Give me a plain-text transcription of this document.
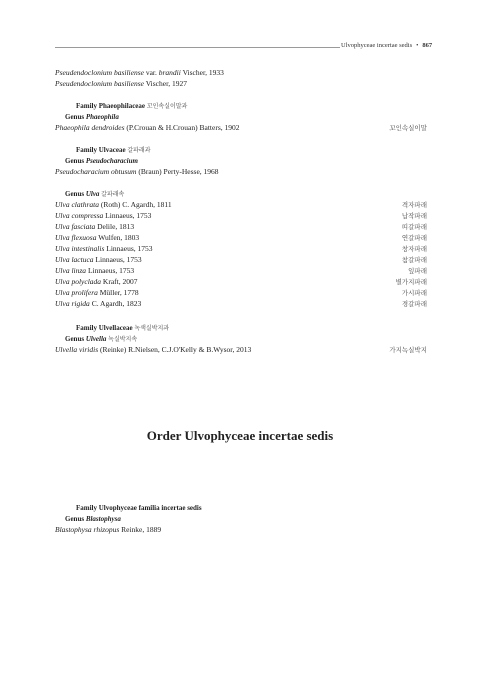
Ulvophyceae incertae sedis • 867
Pseudendoclonium basiliense var. brandii Vischer, 1933
Pseudendoclonium basiliense Vischer, 1927
Family Phaeophilaceae 꼬인속실이말과
Genus Phaeophila
Phaeophila dendroides (P.Crouan & H.Crouan) Batters, 1902	꼬인속실이말
Family Ulvaceae 갈파래과
Genus Pseudocharacium
Pseudocharacium obtusum (Braun) Perty-Hesse, 1968
Genus Ulva 갈파래속
Ulva clathrata (Roth) C. Agardh, 1811	격자파래
Ulva compressa Linnaeus, 1753	납작파래
Ulva fasciata Delile, 1813	띠갈파래
Ulva flexuosa Wulfen, 1803	연갈파래
Ulva intestinalis Linnaeus, 1753	창자파래
Ulva lactuca Linnaeus, 1753	참갈파래
Ulva linza Linnaeus, 1753	잎파래
Ulva polyclada Kraft, 2007	별가지파래
Ulva prolifera Müller, 1778	가시파래
Ulva rigida C. Agardh, 1823	경갈파래
Family Ulvellaceae 녹색실박지과
Genus Ulvella 녹실박지속
Ulvella viridis (Reinke) R.Nielsen, C.J.O'Kelly & B.Wysor, 2013	가지녹실박지
Order Ulvophyceae incertae sedis
Family Ulvophyceae familia incertae sedis
Genus Blastophysa
Blastophysa rhizopus Reinke, 1889
